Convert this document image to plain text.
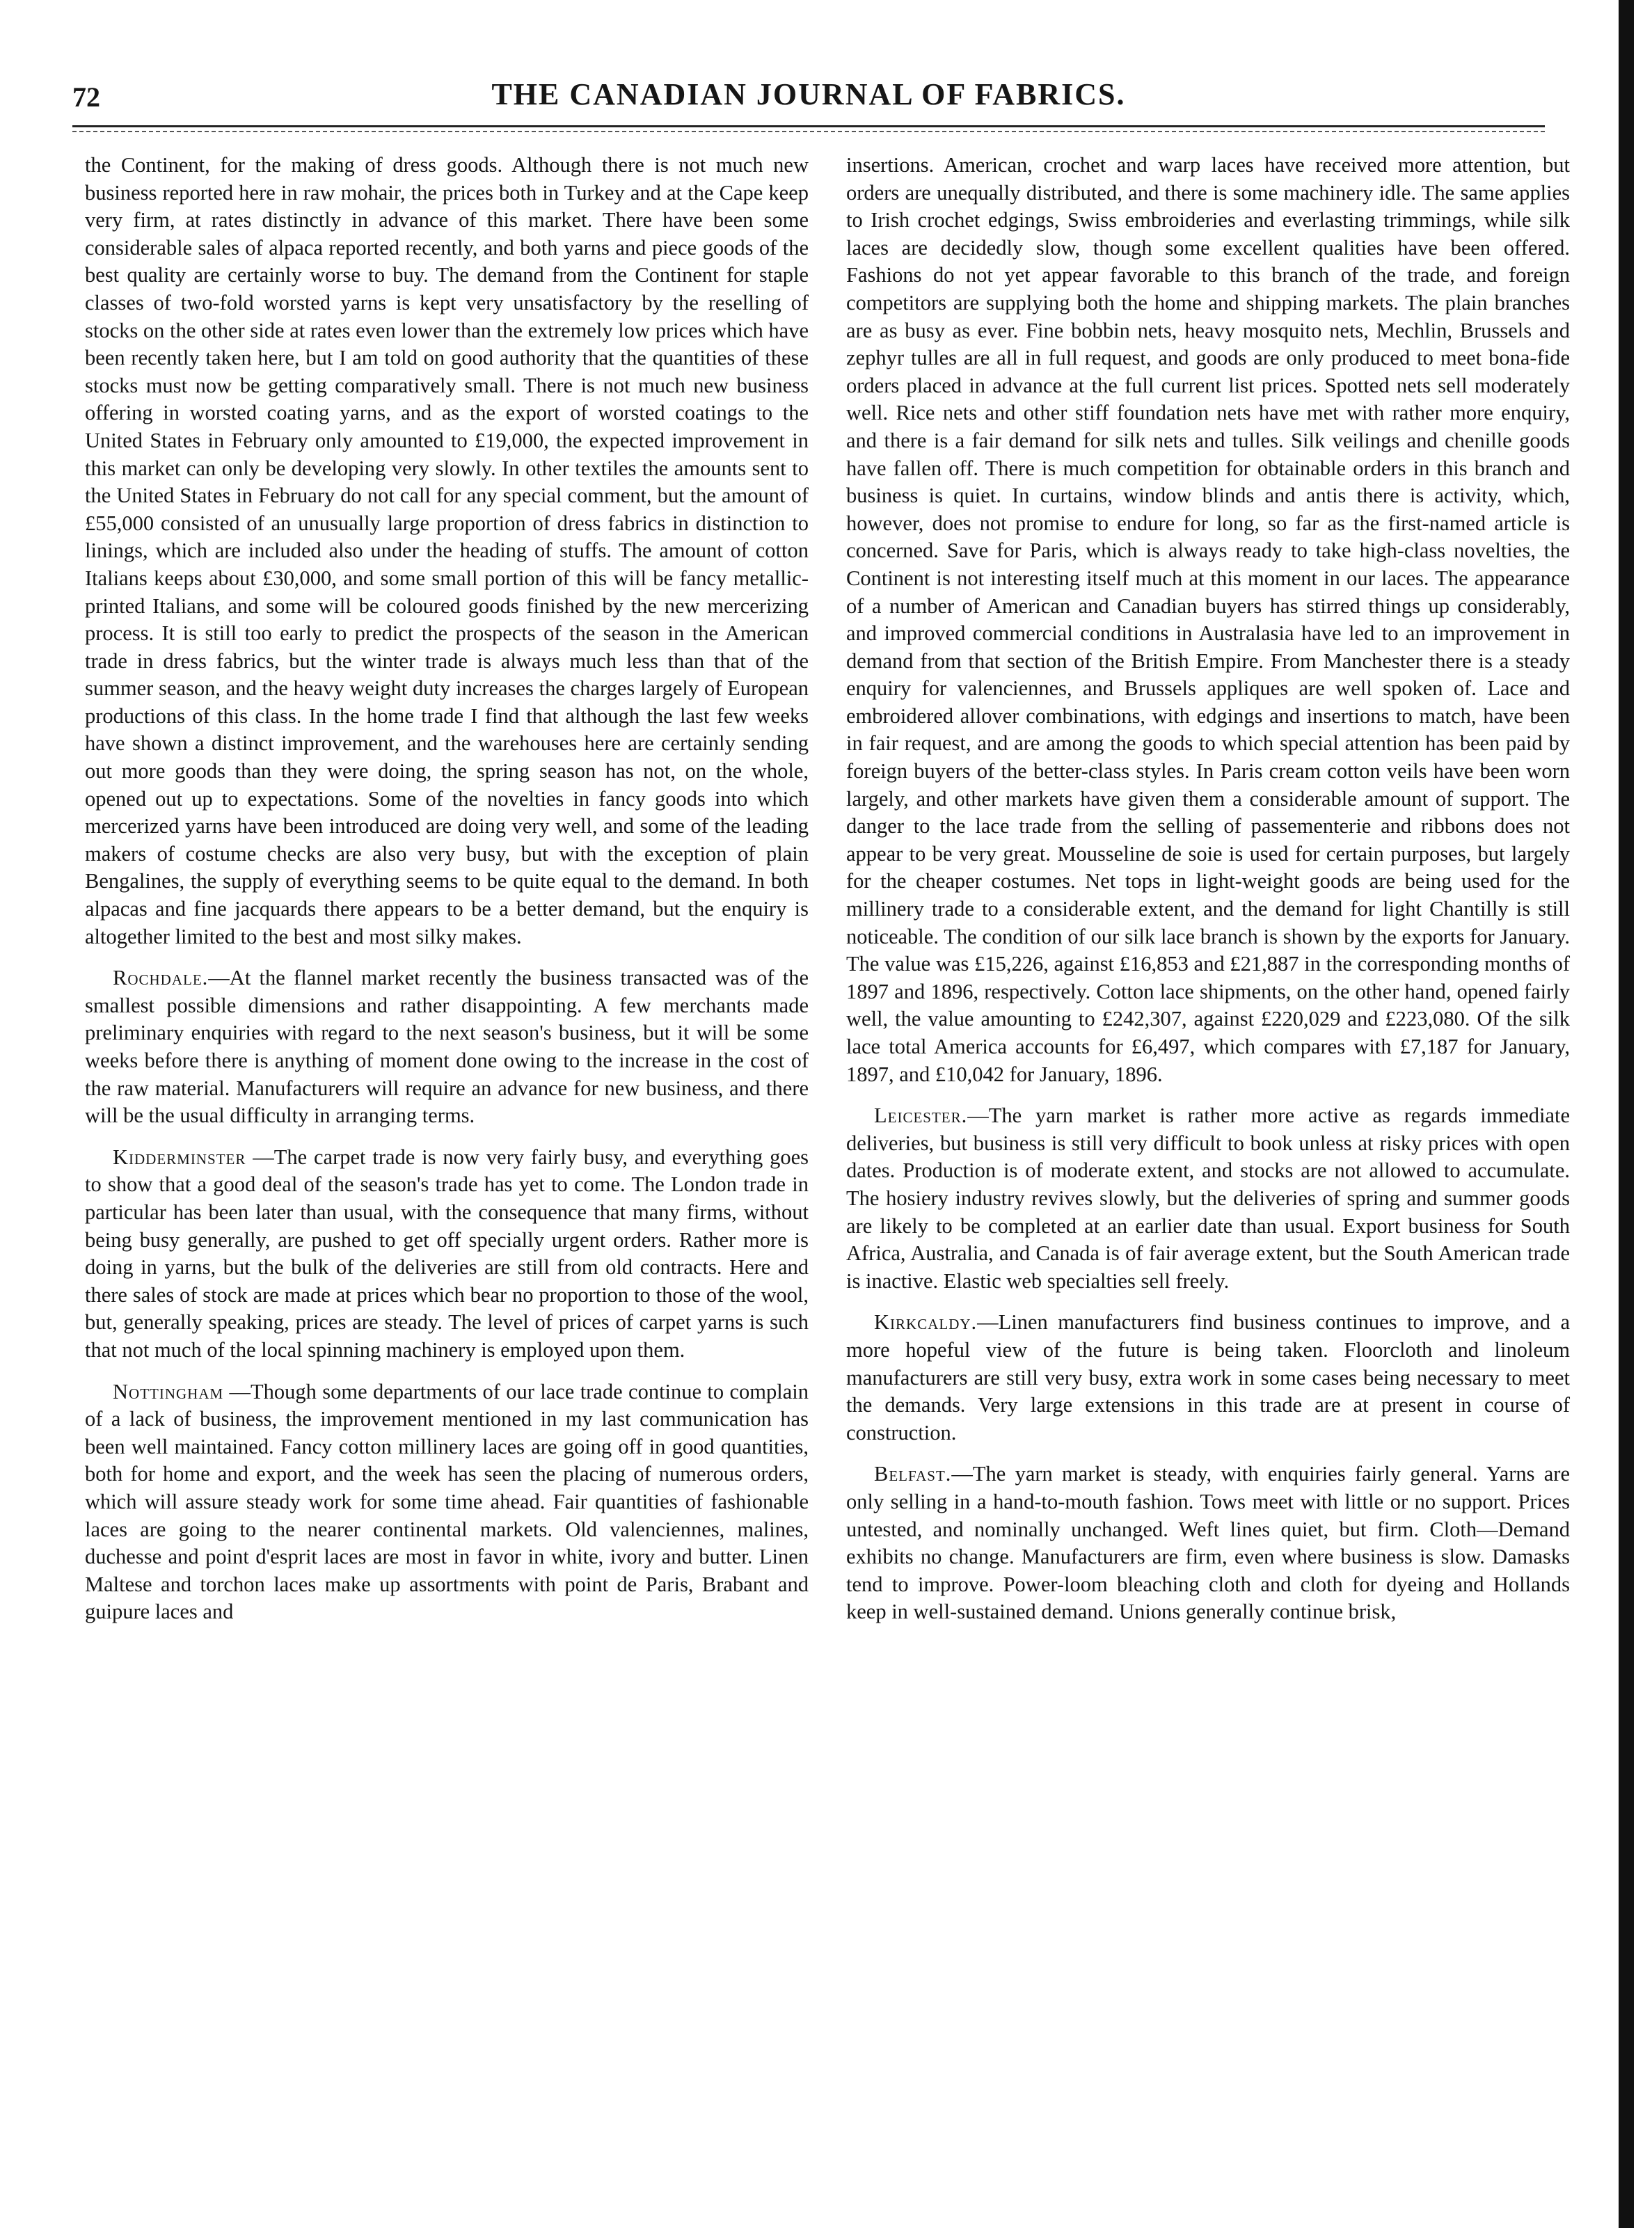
72	THE CANADIAN JOURNAL OF FABRICS.

the Continent, for the making of dress goods. Although there is not much new business reported here in raw mohair, the prices both in Turkey and at the Cape keep very firm, at rates distinctly in advance of this market. There have been some considerable sales of alpaca reported recently, and both yarns and piece goods of the best quality are certainly worse to buy. The demand from the Continent for staple classes of two-fold worsted yarns is kept very unsatisfactory by the reselling of stocks on the other side at rates even lower than the extremely low prices which have been recently taken here, but I am told on good authority that the quantities of these stocks must now be getting comparatively small. There is not much new business offering in worsted coating yarns, and as the export of worsted coatings to the United States in February only amounted to £19,000, the expected improvement in this market can only be developing very slowly. In other textiles the amounts sent to the United States in February do not call for any special comment, but the amount of £55,000 consisted of an unusually large proportion of dress fabrics in distinction to linings, which are included also under the heading of stuffs. The amount of cotton Italians keeps about £30,000, and some small portion of this will be fancy metallic-printed Italians, and some will be coloured goods finished by the new mercerizing process. It is still too early to predict the prospects of the season in the American trade in dress fabrics, but the winter trade is always much less than that of the summer season, and the heavy weight duty increases the charges largely of European productions of this class. In the home trade I find that although the last few weeks have shown a distinct improvement, and the warehouses here are certainly sending out more goods than they were doing, the spring season has not, on the whole, opened out up to expectations. Some of the novelties in fancy goods into which mercerized yarns have been introduced are doing very well, and some of the leading makers of costume checks are also very busy, but with the exception of plain Bengalines, the supply of everything seems to be quite equal to the demand. In both alpacas and fine jacquards there appears to be a better demand, but the enquiry is altogether limited to the best and most silky makes.

Rochdale.—At the flannel market recently the business transacted was of the smallest possible dimensions and rather disappointing. A few merchants made preliminary enquiries with regard to the next season's business, but it will be some weeks before there is anything of moment done owing to the increase in the cost of the raw material. Manufacturers will require an advance for new business, and there will be the usual difficulty in arranging terms.

Kidderminster —The carpet trade is now very fairly busy, and everything goes to show that a good deal of the season's trade has yet to come. The London trade in particular has been later than usual, with the consequence that many firms, without being busy generally, are pushed to get off specially urgent orders. Rather more is doing in yarns, but the bulk of the deliveries are still from old contracts. Here and there sales of stock are made at prices which bear no proportion to those of the wool, but, generally speaking, prices are steady. The level of prices of carpet yarns is such that not much of the local spinning machinery is employed upon them.

Nottingham —Though some departments of our lace trade continue to complain of a lack of business, the improvement mentioned in my last communication has been well maintained. Fancy cotton millinery laces are going off in good quantities, both for home and export, and the week has seen the placing of numerous orders, which will assure steady work for some time ahead. Fair quantities of fashionable laces are going to the nearer continental markets. Old valenciennes, malines, duchesse and point d'esprit laces are most in favor in white, ivory and butter. Linen Maltese and torchon laces make up assortments with point de Paris, Brabant and guipure laces and

insertions. American, crochet and warp laces have received more attention, but orders are unequally distributed, and there is some machinery idle. The same applies to Irish crochet edgings, Swiss embroideries and everlasting trimmings, while silk laces are decidedly slow, though some excellent qualities have been offered. Fashions do not yet appear favorable to this branch of the trade, and foreign competitors are supplying both the home and shipping markets. The plain branches are as busy as ever. Fine bobbin nets, heavy mosquito nets, Mechlin, Brussels and zephyr tulles are all in full request, and goods are only produced to meet bona-fide orders placed in advance at the full current list prices. Spotted nets sell moderately well. Rice nets and other stiff foundation nets have met with rather more enquiry, and there is a fair demand for silk nets and tulles. Silk veilings and chenille goods have fallen off. There is much competition for obtainable orders in this branch and business is quiet. In curtains, window blinds and antis there is activity, which, however, does not promise to endure for long, so far as the first-named article is concerned. Save for Paris, which is always ready to take high-class novelties, the Continent is not interesting itself much at this moment in our laces. The appearance of a number of American and Canadian buyers has stirred things up considerably, and improved commercial conditions in Australasia have led to an improvement in demand from that section of the British Empire. From Manchester there is a steady enquiry for valenciennes, and Brussels appliques are well spoken of. Lace and embroidered allover combinations, with edgings and insertions to match, have been in fair request, and are among the goods to which special attention has been paid by foreign buyers of the better-class styles. In Paris cream cotton veils have been worn largely, and other markets have given them a considerable amount of support. The danger to the lace trade from the selling of passementerie and ribbons does not appear to be very great. Mousseline de soie is used for certain purposes, but largely for the cheaper costumes. Net tops in light-weight goods are being used for the millinery trade to a considerable extent, and the demand for light Chantilly is still noticeable. The condition of our silk lace branch is shown by the exports for January. The value was £15,226, against £16,853 and £21,887 in the corresponding months of 1897 and 1896, respectively. Cotton lace shipments, on the other hand, opened fairly well, the value amounting to £242,307, against £220,029 and £223,080. Of the silk lace total America accounts for £6,497, which compares with £7,187 for January, 1897, and £10,042 for January, 1896.

Leicester.—The yarn market is rather more active as regards immediate deliveries, but business is still very difficult to book unless at risky prices with open dates. Production is of moderate extent, and stocks are not allowed to accumulate. The hosiery industry revives slowly, but the deliveries of spring and summer goods are likely to be completed at an earlier date than usual. Export business for South Africa, Australia, and Canada is of fair average extent, but the South American trade is inactive. Elastic web specialties sell freely.

Kirkcaldy.—Linen manufacturers find business continues to improve, and a more hopeful view of the future is being taken. Floorcloth and linoleum manufacturers are still very busy, extra work in some cases being necessary to meet the demands. Very large extensions in this trade are at present in course of construction.

Belfast.—The yarn market is steady, with enquiries fairly general. Yarns are only selling in a hand-to-mouth fashion. Tows meet with little or no support. Prices untested, and nominally unchanged. Weft lines quiet, but firm. Cloth—Demand exhibits no change. Manufacturers are firm, even where business is slow. Damasks tend to improve. Power-loom bleaching cloth and cloth for dyeing and Hollands keep in well-sustained demand. Unions generally continue brisk,
